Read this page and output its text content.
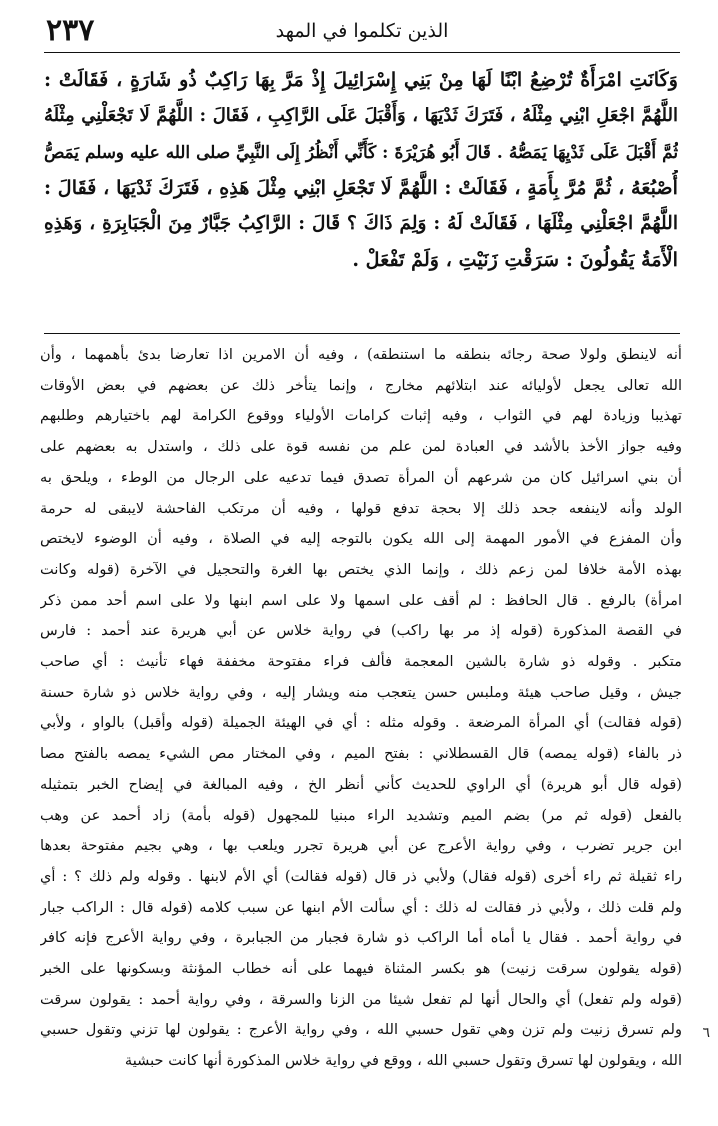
الذين تكلموا في المهد
٢٣٧
وَكَانَتِ امْرَأَةٌ تُرْضِعُ ابْنًا لَهَا مِنْ بَنِي إِسْرَائِيلَ إِذْ مَرَّ بِهَا رَاكِبٌ ذُو شَارَةٍ ، فَقَالَتْ :
اللَّهُمَّ اجْعَلِ ابْنِي مِثْلَهُ ، فَتَرَكَ ثَدْيَهَا ، وَأَقْبَلَ عَلَى الرَّاكِبِ ، فَقَالَ : اللَّهُمَّ لَا تَجْعَلْنِي مِثْلَهُ
ثُمَّ أَقْبَلَ عَلَى ثَدْيِهَا يَمَصُّهُ . قَالَ أَبُو هُرَيْرَةَ : كَأَنِّي أَنْظُرُ إِلَى النَّبِيِّ صلى الله عليه وسلم يَمَصُّ
أُصْبُعَهُ ، ثُمَّ مُرَّ بِأَمَةٍ ، فَقَالَتْ : اللَّهُمَّ لَا تَجْعَلِ ابْنِي مِثْلَ هَذِهِ ، فَتَرَكَ ثَدْيَهَا ، فَقَالَ :
اللَّهُمَّ اجْعَلْنِي مِثْلَهَا ، فَقَالَتْ لَهُ : وَلِمَ ذَاكَ ؟ قَالَ : الرَّاكِبُ جَبَّارٌ مِنَ الْجَبَابِرَةِ ، وَهَذِهِ
الْأَمَةُ يَقُولُونَ : سَرَقْتِ زَنَيْتِ ، وَلَمْ تَفْعَلْ .
أنه لاينطق ولولا صحة رجائه بنطقه ما استنطقه) ، وفيه أن الامرين اذا تعارضا بدئ بأهمهما ، وأن
الله تعالى يجعل لأوليائه عند ابتلائهم مخارج ، وإنما يتأخر ذلك عن بعضهم في بعض الأوقات
تهذيبا وزيادة لهم في الثواب ، وفيه إثبات كرامات الأولياء ووقوع الكرامة لهم باختيارهم وطلبهم
وفيه جواز الأخذ بالأشد في العبادة لمن علم من نفسه قوة على ذلك ، واستدل به بعضهم على
أن بني اسرائيل كان من شرعهم أن المرأة تصدق فيما تدعيه على الرجال من الوطء ، ويلحق به
الولد وأنه لاينفعه جحد ذلك إلا بحجة تدفع قولها ، وفيه أن مرتكب الفاحشة لايبقى له حرمة
وأن المفزع في الأمور المهمة إلى الله يكون بالتوجه إليه في الصلاة ، وفيه أن الوضوء لايختص
بهذه الأمة خلافا لمن زعم ذلك ، وإنما الذي يختص بها الغرة والتحجيل في الآخرة (قوله وكانت
امرأة) بالرفع . قال الحافظ : لم أقف على اسمها ولا على اسم ابنها ولا على اسم أحد ممن ذكر
في القصة المذكورة (قوله إذ مر بها راكب) في رواية خلاس عن أبي هريرة عند أحمد : فارس
متكبر . وقوله ذو شارة بالشين المعجمة فألف فراء مفتوحة مخففة فهاء تأنيث : أي صاحب
جيش ، وقيل صاحب هيئة وملبس حسن يتعجب منه ويشار إليه ، وفي رواية خلاس ذو شارة حسنة
(قوله فقالت) أي المرأة المرضعة . وقوله مثله : أي في الهيئة الجميلة (قوله وأقبل) بالواو ، ولأبي
ذر بالفاء (قوله يمصه) قال القسطلاني : بفتح الميم ، وفي المختار مص الشيء يمصه بالفتح مصا
(قوله قال أبو هريرة) أي الراوي للحديث كأني أنظر الخ ، وفيه المبالغة في إيضاح الخبر بتمثيله
بالفعل (قوله ثم مر) بضم الميم وتشديد الراء مبنيا للمجهول (قوله بأمة) زاد أحمد عن وهب
ابن جرير تضرب ، وفي رواية الأعرج عن أبي هريرة تجرر ويلعب بها ، وهي بجيم مفتوحة بعدها
راء ثقيلة ثم راء أخرى (قوله فقال) ولأبي ذر قال (قوله فقالت) أي الأم لابنها . وقوله ولم ذلك ؟ : أي
ولم قلت ذلك ، ولأبي ذر فقالت له ذلك : أي سألت الأم ابنها عن سبب كلامه (قوله قال : الراكب جبار
في رواية أحمد . فقال يا أماه أما الراكب ذو شارة فجبار من الجبابرة ، وفي رواية الأعرج فإنه كافر
(قوله يقولون سرقت زنيت) هو بكسر المثناة فيهما على أنه خطاب المؤنثة وبسكونها على الخبر
(قوله ولم تفعل) أي والحال أنها لم تفعل شيئا من الزنا والسرقة ، وفي رواية أحمد : يقولون سرقت
ولم تسرق زنيت ولم تزن وهي تقول حسبي الله ، وفي رواية الأعرج : يقولون لها تزني وتقول حسبي
الله ، ويقولون لها تسرق وتقول حسبي الله ، ووقع في رواية خلاس المذكورة أنها كانت حبشية
٦
